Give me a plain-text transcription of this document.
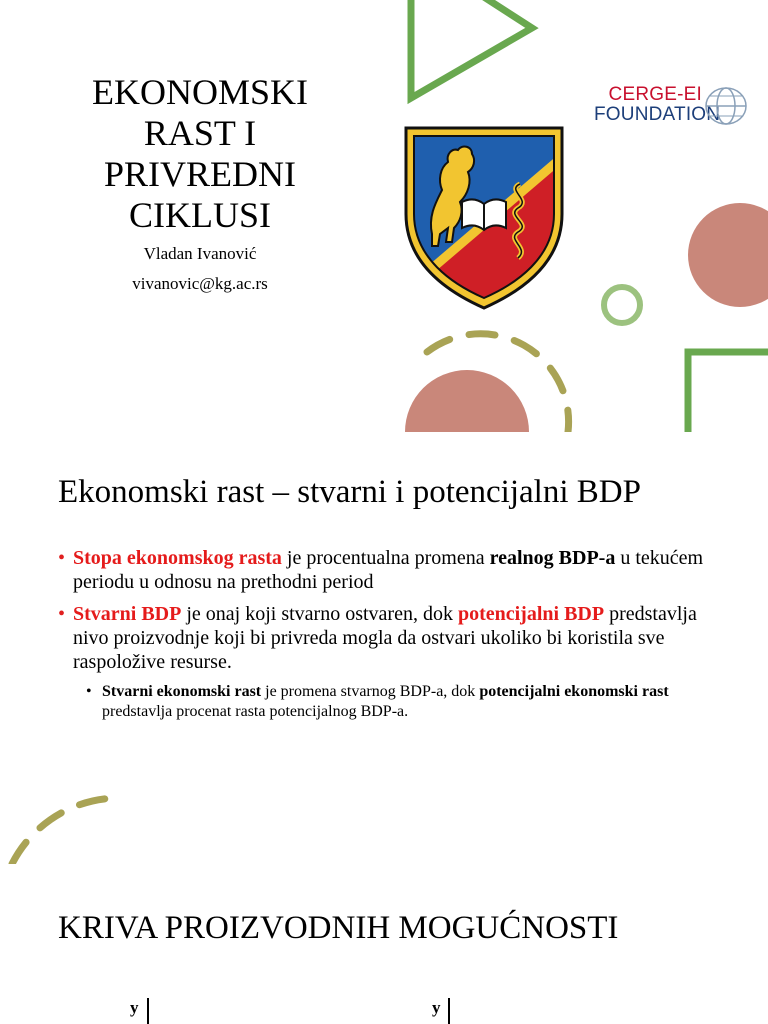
EKONOMSKI
RAST I
PRIVREDNI
CIKLUSI
Vladan Ivanović
vivanovic@kg.ac.rs
CERGE-EI
FOUNDATION
Ekonomski rast – stvarni i potencijalni BDP
• Stopa ekonomskog rasta je procentualna promena realnog BDP-a u tekućem periodu u odnosu na prethodni period
• Stvarni BDP je onaj koji stvarno ostvaren, dok potencijalni BDP predstavlja nivo proizvodnje koji bi privreda mogla da ostvari ukoliko bi koristila sve raspoložive resurse.
• Stvarni ekonomski rast je promena stvarnog BDP-a, dok potencijalni ekonomski rast predstavlja procenat rasta potencijalnog BDP-a.
KRIVA PROIZVODNIH MOGUĆNOSTI
y	y
